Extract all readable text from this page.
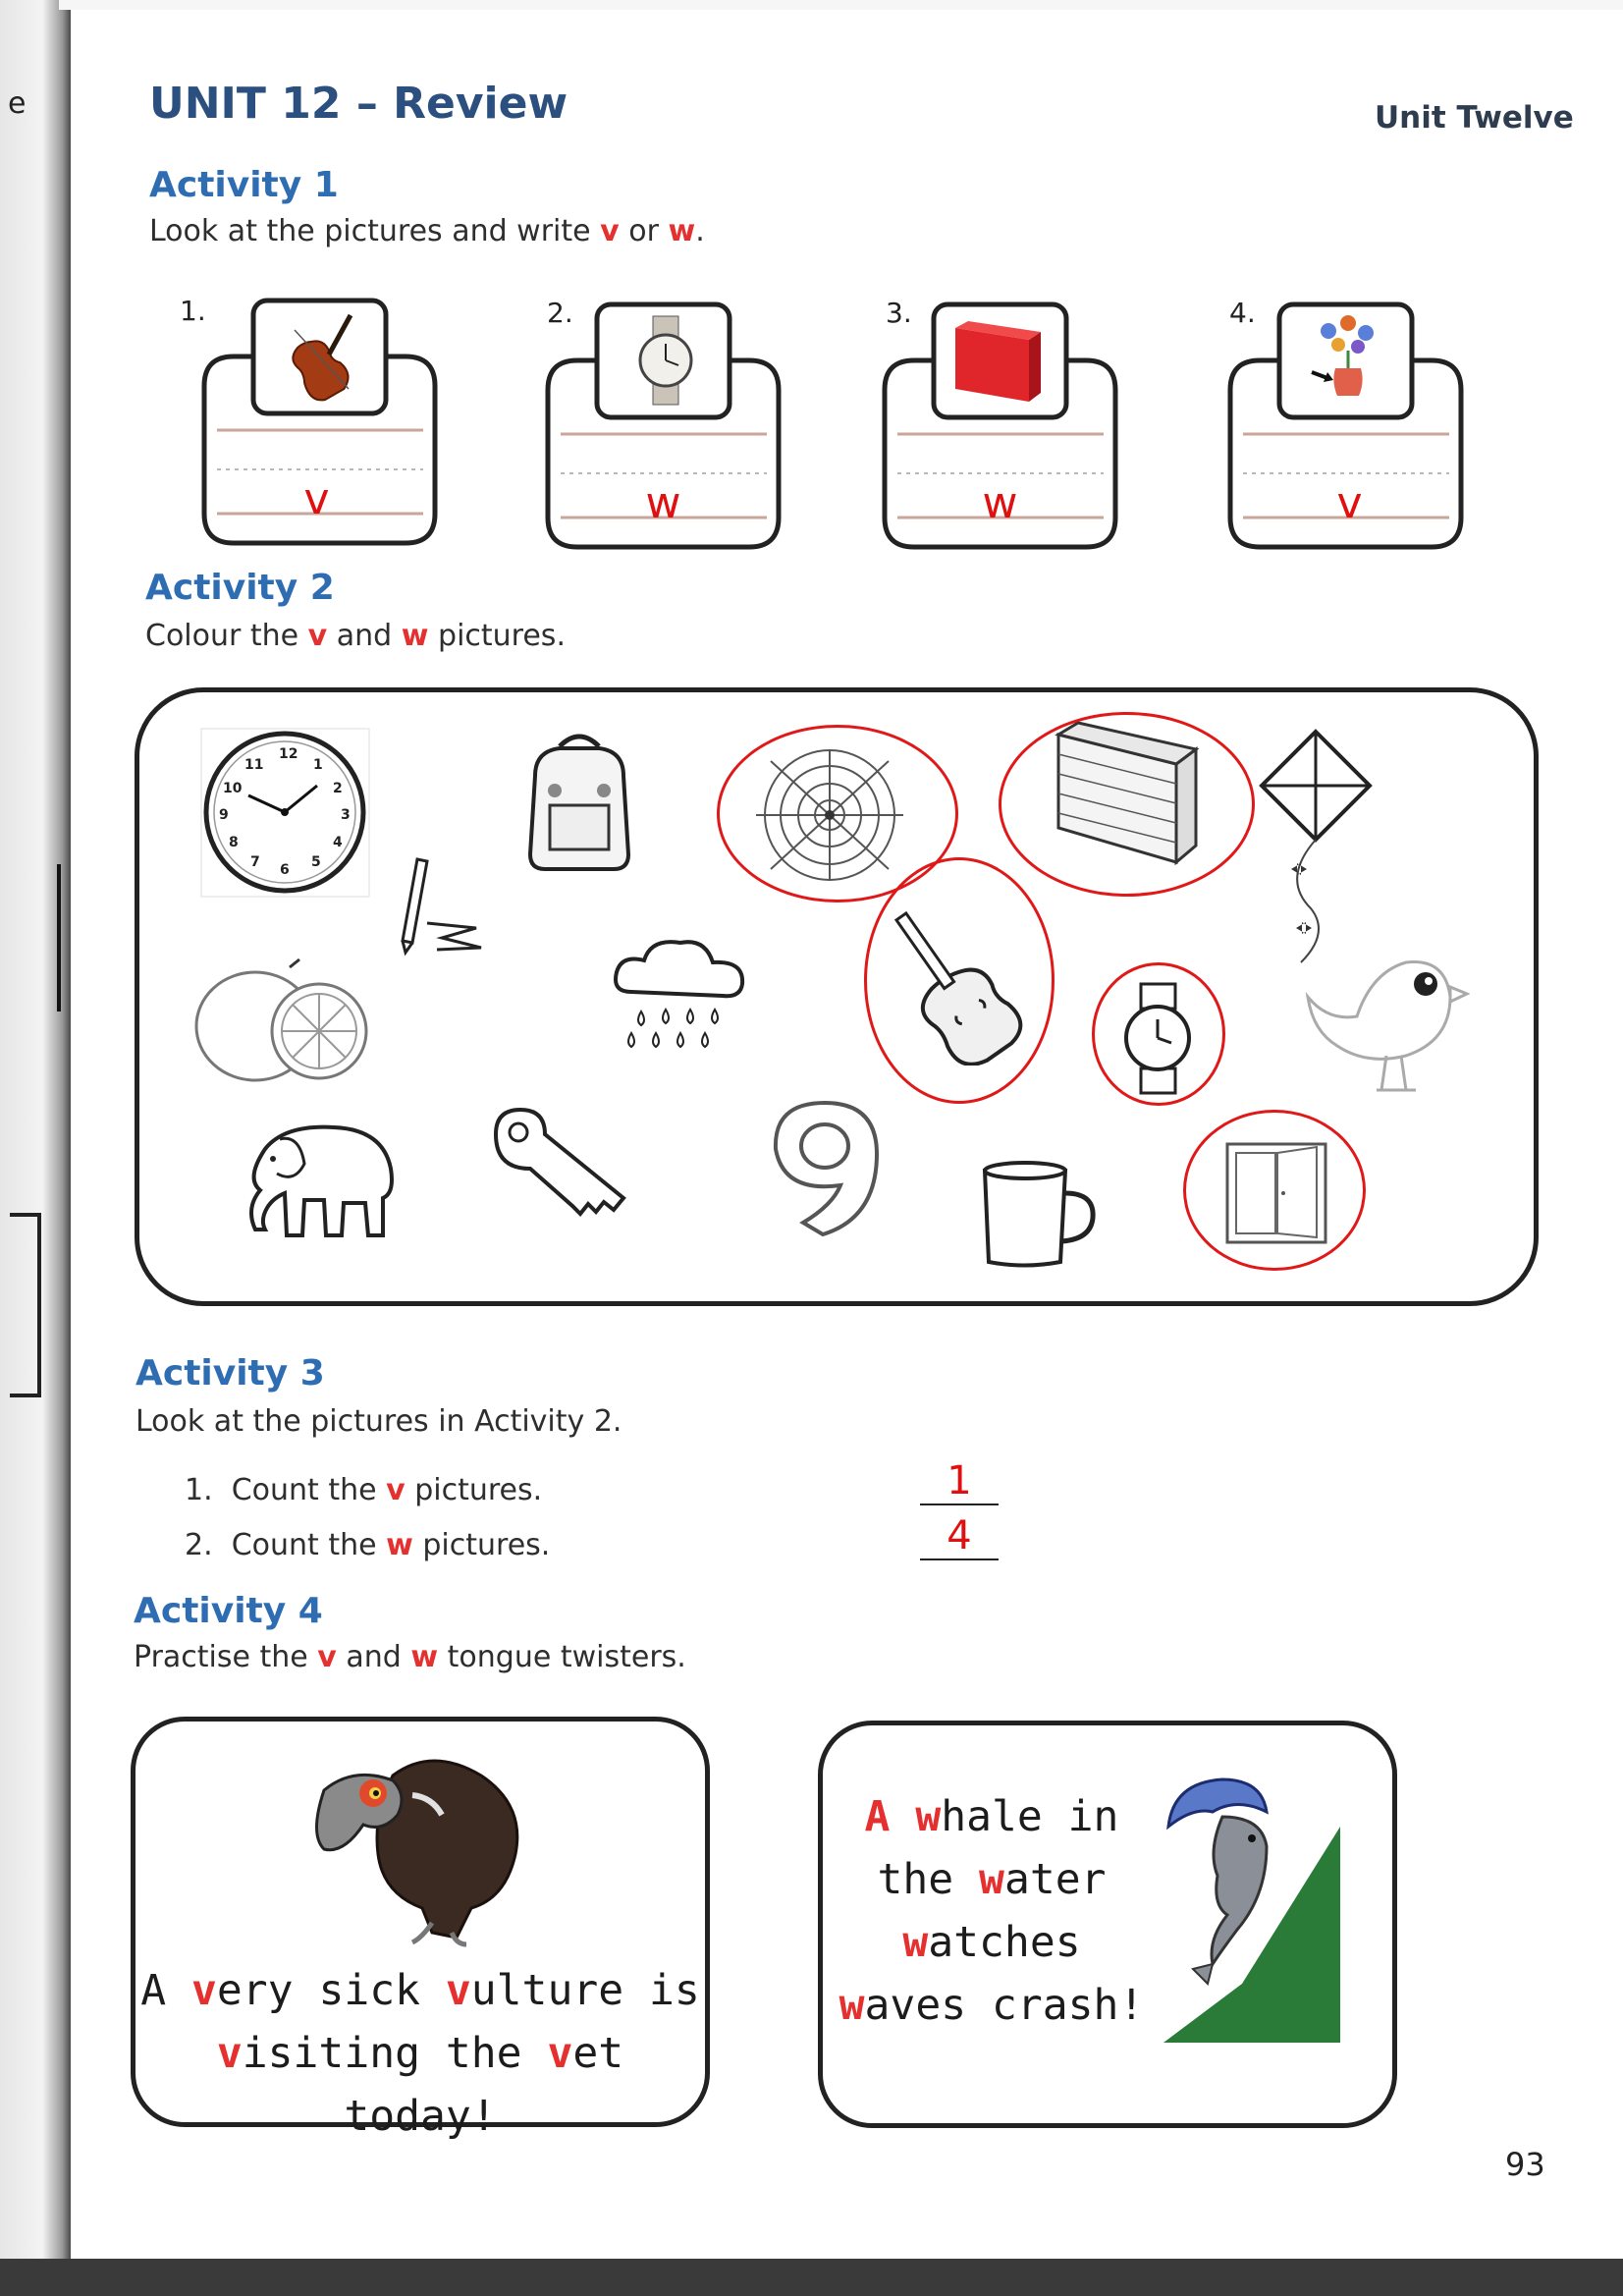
e	UNIT 12 – Review	Unit Twelve
Activity 1
Look at the pictures and write v or w.
1.
v
2.
w
3.
w
4.
v
Activity 2
Colour the v and w pictures.
12
1
2
3
4
5
6
7
8
9
10
11
Activity 3
Look at the pictures in Activity 2.
1. Count the v pictures.	1
2. Count the w pictures.	4
Activity 4
Practise the v and w tongue twisters.
A very sick vulture is
visiting the vet today!
A whale in
the water
watches
waves crash!
93
